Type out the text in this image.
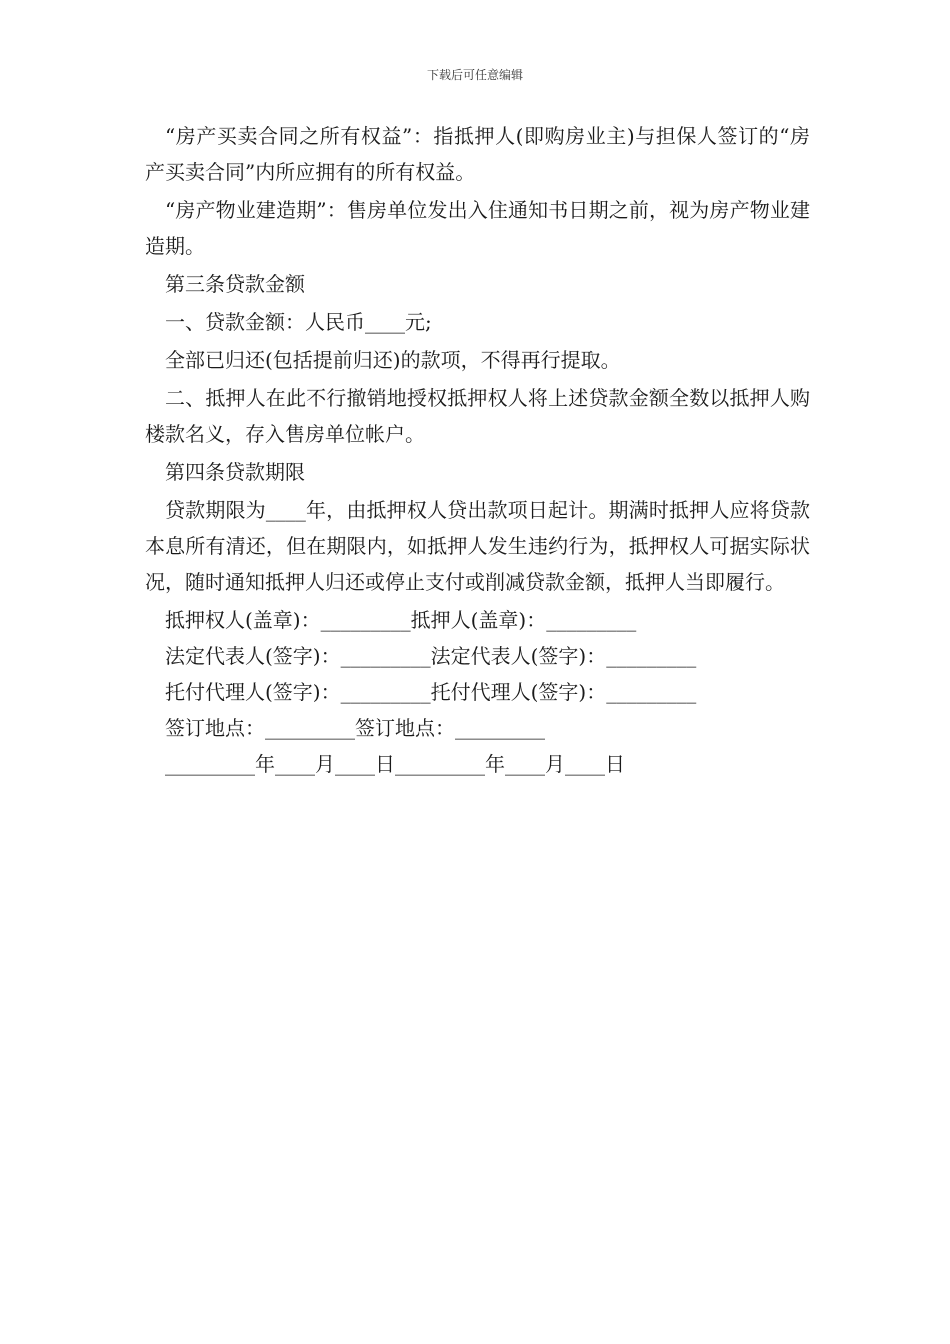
下载后可任意编辑

“房产买卖合同之所有权益”：指抵押人(即购房业主)与担保人签订的“房产买卖合同”内所应拥有的所有权益。

“房产物业建造期”：售房单位发出入住通知书日期之前，视为房产物业建造期。

第三条贷款金额

一、贷款金额：人民币____元;

全部已归还(包括提前归还)的款项，不得再行提取。

二、抵押人在此不行撤销地授权抵押权人将上述贷款金额全数以抵押人购楼款名义，存入售房单位帐户。

第四条贷款期限

贷款期限为____年，由抵押权人贷出款项日起计。期满时抵押人应将贷款本息所有清还，但在期限内，如抵押人发生违约行为，抵押权人可据实际状况，随时通知抵押人归还或停止支付或削减贷款金额，抵押人当即履行。

抵押权人(盖章)：_________抵押人(盖章)：_________

法定代表人(签字)：_________法定代表人(签字)：_________

托付代理人(签字)：_________托付代理人(签字)：_________

签订地点：_________签订地点：_________

_________年____月____日_________年____月____日
